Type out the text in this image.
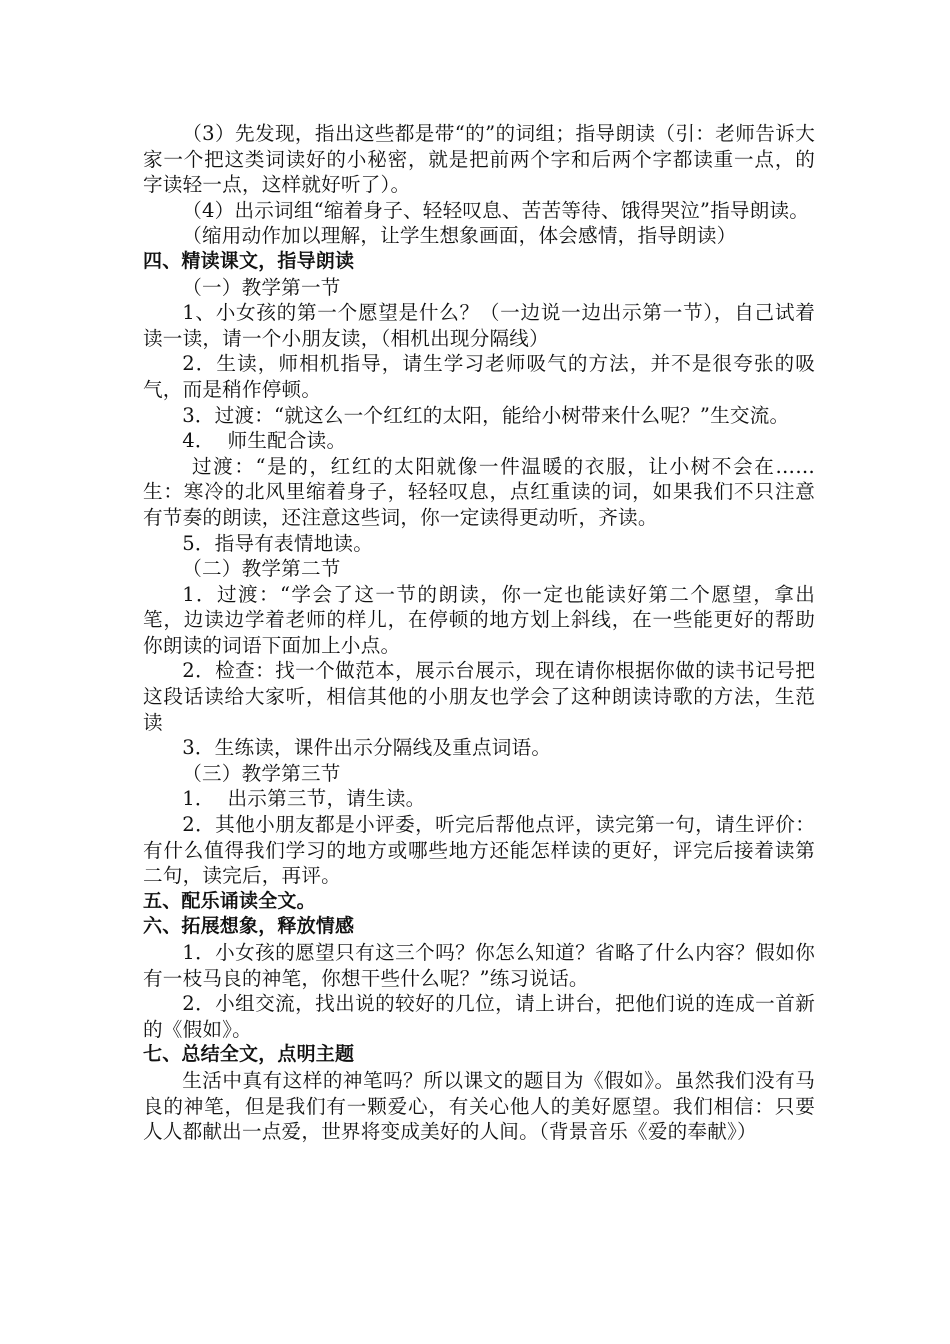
（3）先发现，指出这些都是带“的”的词组；指导朗读（引：老师告诉大家一个把这类词读好的小秘密，就是把前两个字和后两个字都读重一点，的字读轻一点，这样就好听了）。

（4）出示词组“缩着身子、轻轻叹息、苦苦等待、饿得哭泣”指导朗读。

（缩用动作加以理解，让学生想象画面，体会感情，指导朗读）

四、精读课文，指导朗读

（一）教学第一节

1、小女孩的第一个愿望是什么？（一边说一边出示第一节），自己试着读一读，请一个小朋友读，（相机出现分隔线）

2．生读，师相机指导，请生学习老师吸气的方法，并不是很夸张的吸气，而是稍作停顿。

3．过渡：“就这么一个红红的太阳，能给小树带来什么呢？”生交流。

4．  师生配合读。

过渡：“是的，红红的太阳就像一件温暖的衣服，让小树不会在……生：寒冷的北风里缩着身子，轻轻叹息，点红重读的词，如果我们不只注意有节奏的朗读，还注意这些词，你一定读得更动听，齐读。

5．指导有表情地读。

（二）教学第二节

1．过渡：“学会了这一节的朗读，你一定也能读好第二个愿望，拿出笔，边读边学着老师的样儿，在停顿的地方划上斜线，在一些能更好的帮助你朗读的词语下面加上小点。

2．检查：找一个做范本，展示台展示，现在请你根据你做的读书记号把这段话读给大家听，相信其他的小朋友也学会了这种朗读诗歌的方法，生范读

3．生练读，课件出示分隔线及重点词语。

（三）教学第三节

1．  出示第三节，请生读。

2．其他小朋友都是小评委，听完后帮他点评，读完第一句，请生评价：有什么值得我们学习的地方或哪些地方还能怎样读的更好，评完后接着读第二句，读完后，再评。

五、配乐诵读全文。

六、拓展想象，释放情感

1．小女孩的愿望只有这三个吗？你怎么知道？省略了什么内容？假如你有一枝马良的神笔，你想干些什么呢？”练习说话。

2．小组交流，找出说的较好的几位，请上讲台，把他们说的连成一首新的《假如》。

七、总结全文，点明主题

生活中真有这样的神笔吗？所以课文的题目为《假如》。虽然我们没有马良的神笔，但是我们有一颗爱心，有关心他人的美好愿望。我们相信：只要人人都献出一点爱，世界将变成美好的人间。（背景音乐《爱的奉献》）
